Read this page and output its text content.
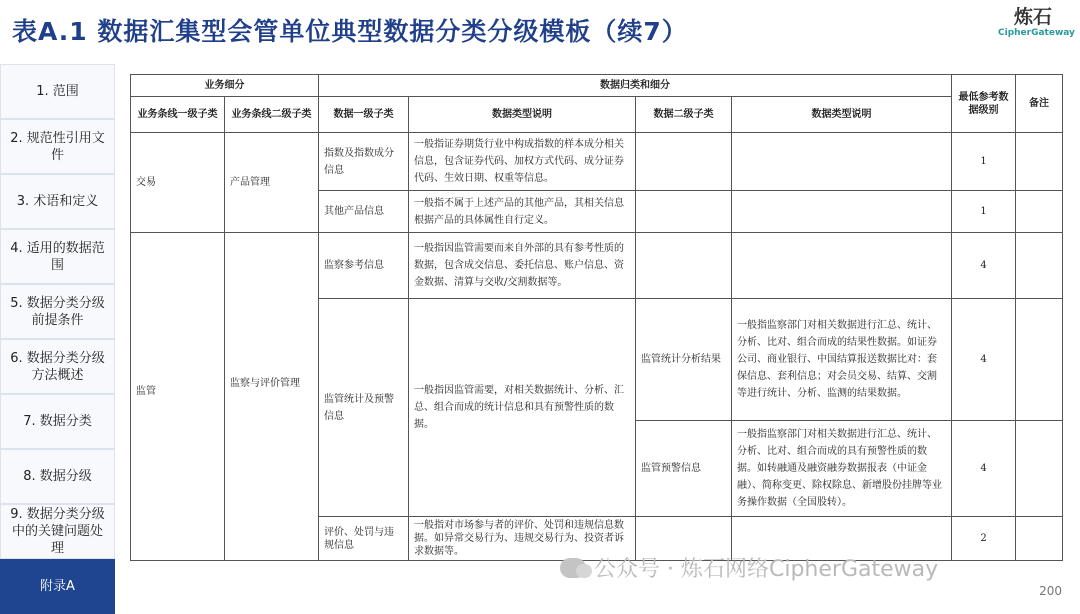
表A.1 数据汇集型会管单位典型数据分类分级模板（续7）	炼石
CipherGateway
1. 范围
2. 规范性引用文件
3. 术语和定义
4. 适用的数据范围
5. 数据分类分级前提条件
6. 数据分类分级方法概述
7. 数据分类
8. 数据分级
9. 数据分类分级中的关键问题处理
附录A
业务细分		数据归类和细分				最低参考数据级别	备注
业务条线一级子类	业务条线二级子类	数据一级子类	数据类型说明	数据二级子类	数据类型说明		
交易	产品管理	指数及指数成分信息	一般指证券期货行业中构成指数的样本成分相关信息，包含证券代码、加权方式代码、成分证券代码、生效日期、权重等信息。			1	
		其他产品信息	一般指不属于上述产品的其他产品，其相关信息根据产品的具体属性自行定义。			1	
监管	监察与评价管理	监察参考信息	一般指因监管需要而来自外部的具有参考性质的数据，包含成交信息、委托信息、账户信息、资金数据、清算与交收/交割数据等。			4	
		监管统计及预警信息	一般指因监管需要，对相关数据统计、分析、汇总、组合而成的统计信息和具有预警性质的数据。	监管统计分析结果	一般指监察部门对相关数据进行汇总、统计、分析、比对、组合而成的结果性数据。如证券公司、商业银行、中国结算报送数据比对：套保信息、套利信息；对会员交易、结算、交割等进行统计、分析、监测的结果数据。	4	
				监管预警信息	一般指监察部门对相关数据进行汇总、统计、分析、比对、组合而成的具有预警性质的数据。如转融通及融资融券数据报表（中证金融）、简称变更、除权除息、新增股份挂牌等业务操作数据（全国股转）。	4	
		评价、处罚与违规信息	一般指对市场参与者的评价、处罚和违规信息数据。如异常交易行为、违规交易行为、投资者诉求数据等。			2	
公众号 · 炼石网络CipherGateway
200
